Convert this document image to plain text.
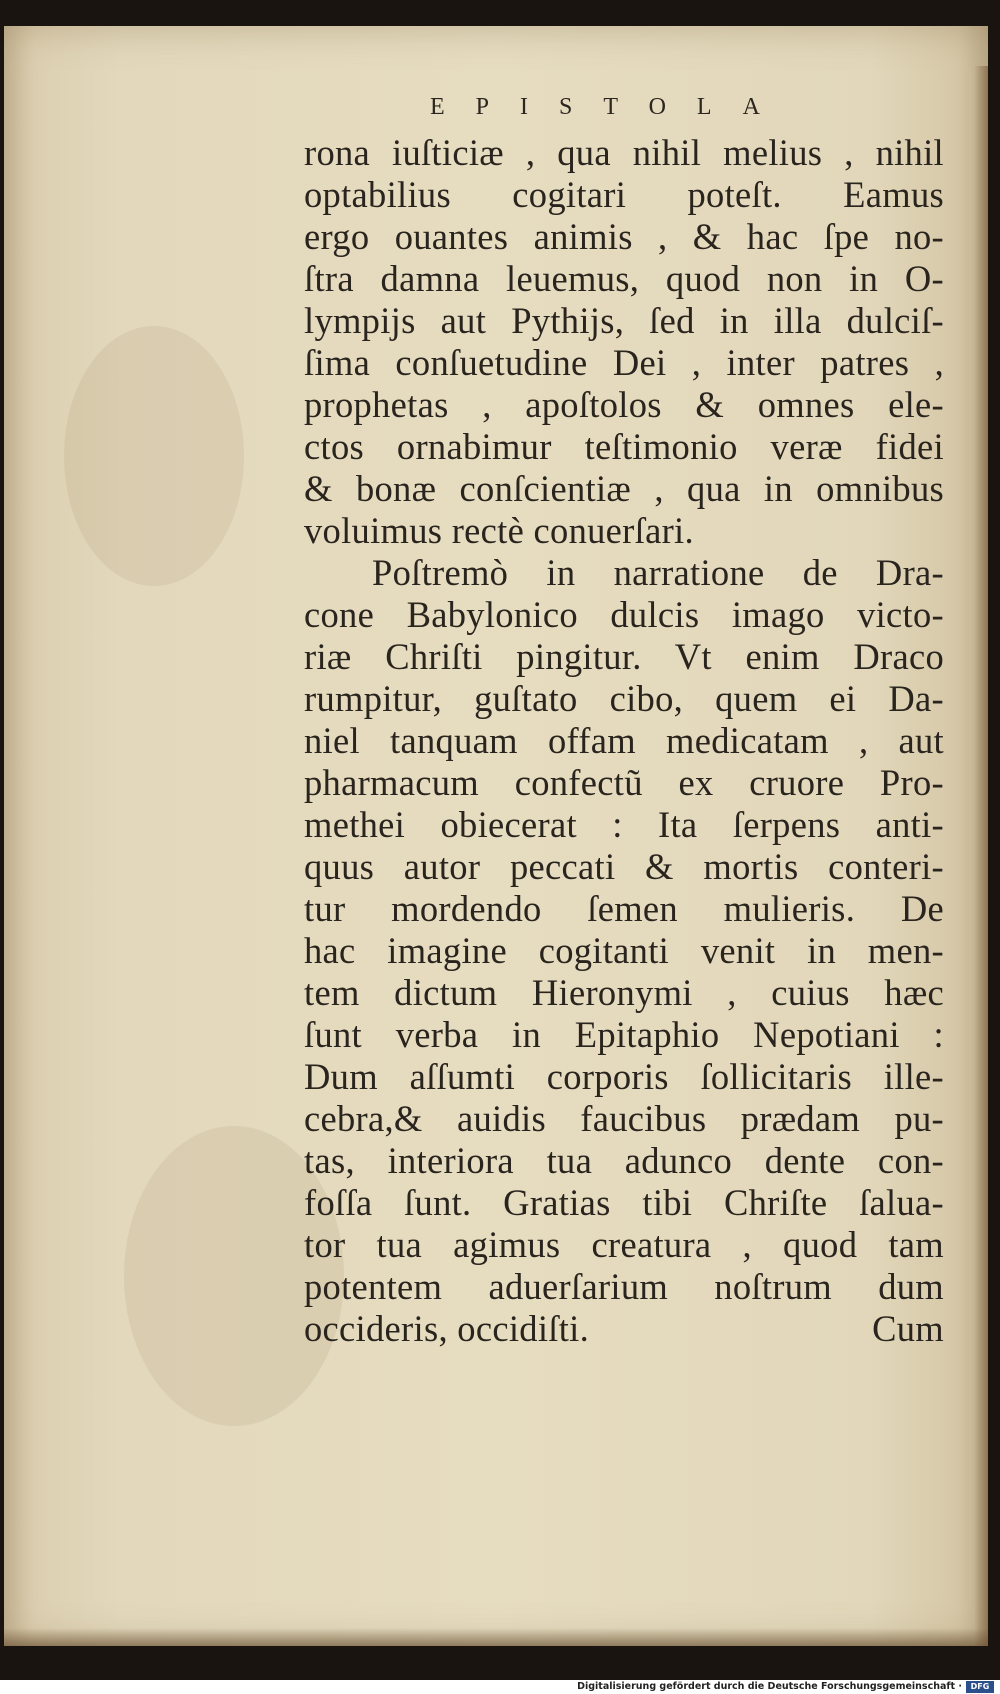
EPISTOLA
rona iuſticiæ , qua nihil melius , nihil
optabilius cogitari poteſt. Eamus
ergo ouantes animis , & hac ſpe no-
ſtra damna leuemus, quod non in O-
lympijs aut Pythijs, ſed in illa dulciſ-
ſima conſuetudine Dei , inter patres ,
prophetas , apoſtolos & omnes ele-
ctos ornabimur teſtimonio veræ fidei
& bonæ conſcientiæ , qua in omnibus
voluimus rectè conuerſari.
Poſtremò in narratione de Dra-
cone Babylonico dulcis imago victo-
riæ Chriſti pingitur. Vt enim Draco
rumpitur, guſtato cibo, quem ei Da-
niel tanquam offam medicatam , aut
pharmacum confectũ ex cruore Pro-
methei obiecerat : Ita ſerpens anti-
quus autor peccati & mortis conteri-
tur mordendo ſemen mulieris. De
hac imagine cogitanti venit in men-
tem dictum Hieronymi , cuius hæc
ſunt verba in Epitaphio Nepotiani :
Dum aſſumti corporis ſollicitaris ille-
cebra,& auidis faucibus prædam pu-
tas, interiora tua adunco dente con-
foſſa ſunt. Gratias tibi Chriſte ſalua-
tor tua agimus creatura , quod tam
potentem aduerſarium noſtrum dum
occideris, occidiſti.	Cum
Digitalisierung gefördert durch die Deutsche Forschungsgemeinschaft ·	DFG
